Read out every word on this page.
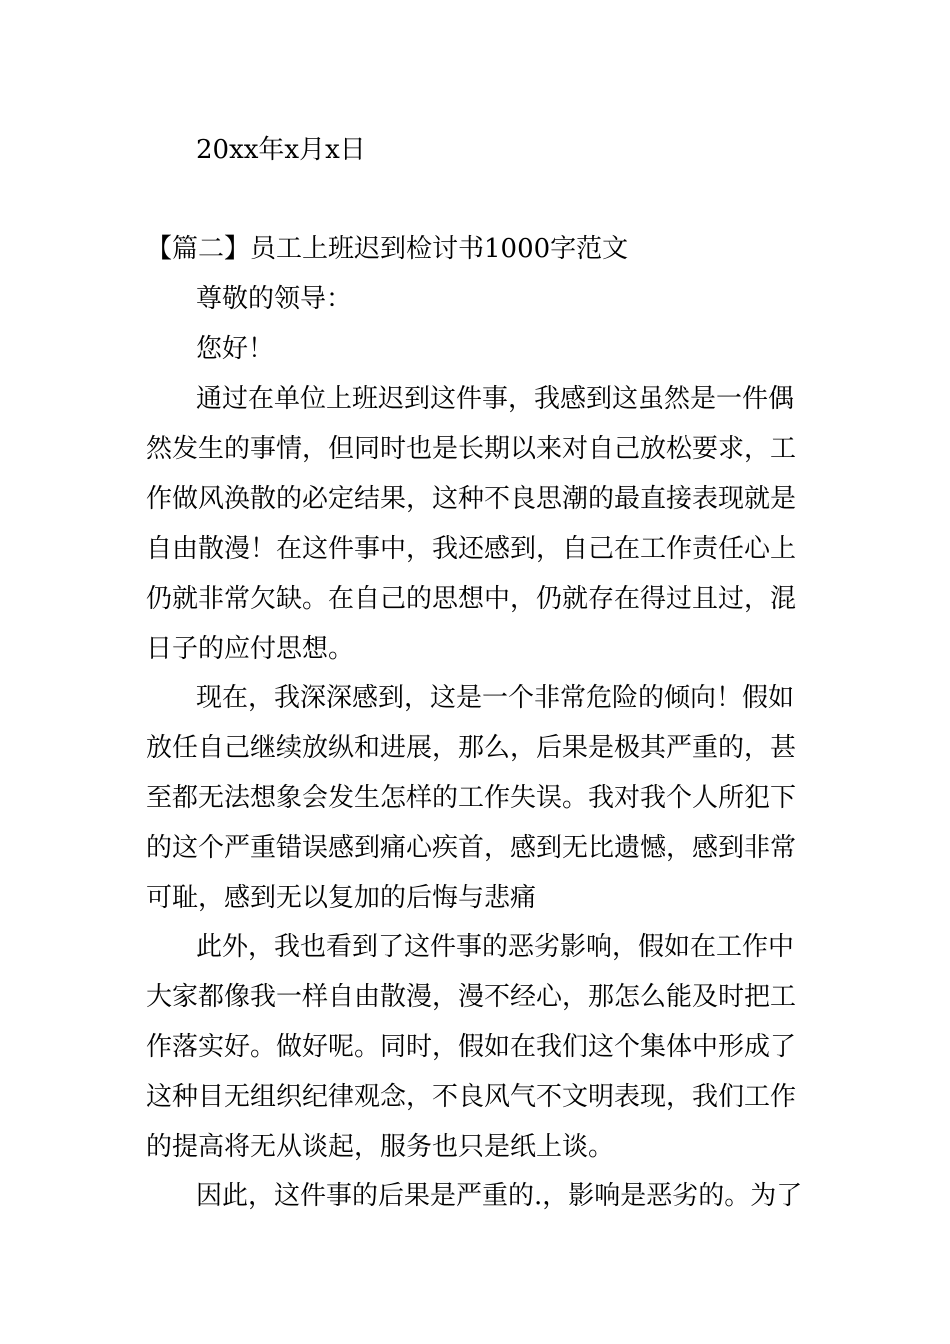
20xx年x月x日
【篇二】员工上班迟到检讨书1000字范文
尊敬的领导：
您好！
通过在单位上班迟到这件事，我感到这虽然是一件偶
然发生的事情，但同时也是长期以来对自己放松要求，工
作做风涣散的必定结果，这种不良思潮的最直接表现就是
自由散漫！在这件事中，我还感到，自己在工作责任心上
仍就非常欠缺。在自己的思想中，仍就存在得过且过，混
日子的应付思想。
现在，我深深感到，这是一个非常危险的倾向！假如
放任自己继续放纵和进展，那么，后果是极其严重的，甚
至都无法想象会发生怎样的工作失误。我对我个人所犯下
的这个严重错误感到痛心疾首，感到无比遗憾，感到非常
可耻，感到无以复加的后悔与悲痛
此外，我也看到了这件事的恶劣影响，假如在工作中
大家都像我一样自由散漫，漫不经心，那怎么能及时把工
作落实好。做好呢。同时，假如在我们这个集体中形成了
这种目无组织纪律观念，不良风气不文明表现，我们工作
的提高将无从谈起，服务也只是纸上谈。
因此，这件事的后果是严重的.，影响是恶劣的。为了
